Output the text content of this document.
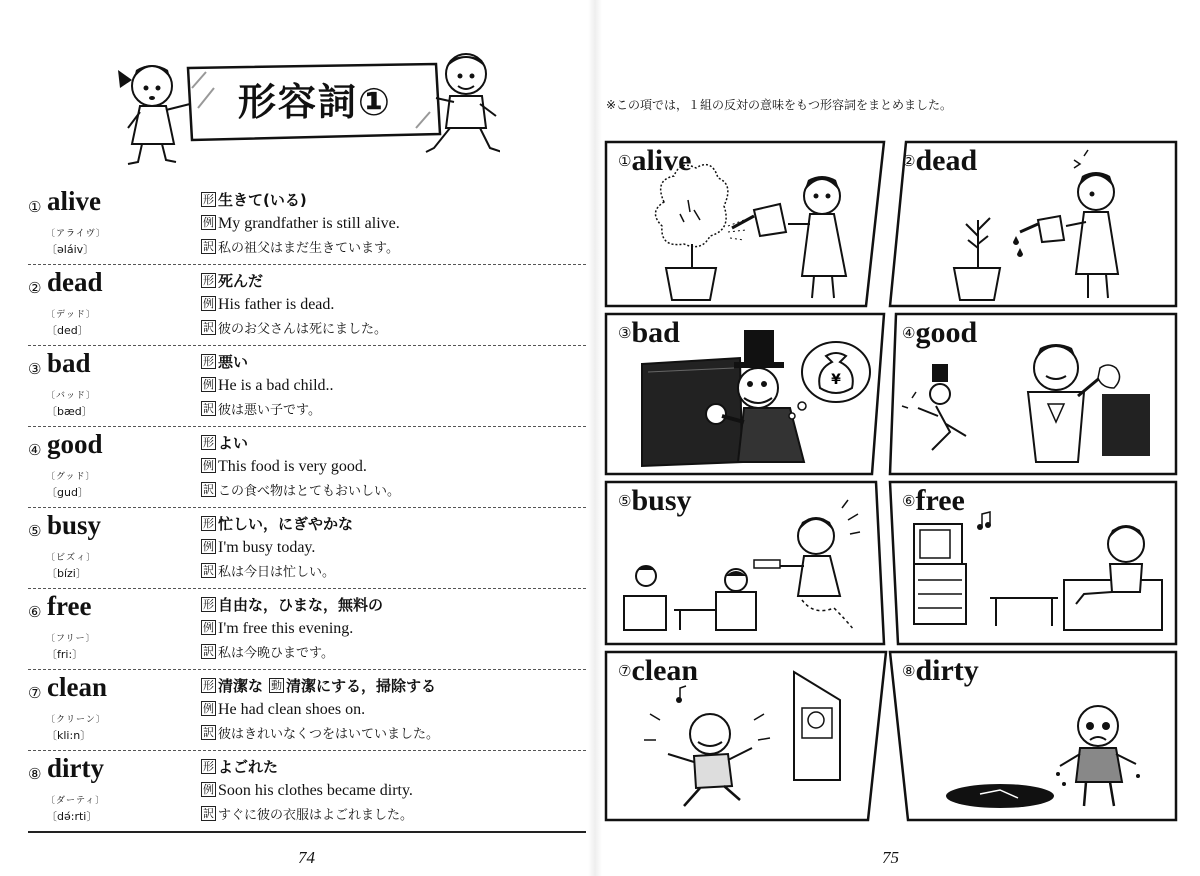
形容詞①
① alive
〔アライヴ〕
〔əláiv〕
形 生きて(いる)
例 My grandfather is still alive.
訳 私の祖父はまだ生きています。
② dead
〔デッド〕
〔ded〕
形 死んだ
例 His father is dead.
訳 彼のお父さんは死にました。
③ bad
〔バッド〕
〔bæd〕
形 悪い
例 He is a bad child..
訳 彼は悪い子です。
④ good
〔グッド〕
〔gud〕
形 よい
例 This food is very good.
訳 この食べ物はとてもおいしい。
⑤ busy
〔ビズィ〕
〔bízi〕
形 忙しい，にぎやかな
例 I'm busy today.
訳 私は今日は忙しい。
⑥ free
〔フリー〕
〔fri:〕
形 自由な，ひまな，無料の
例 I'm free this evening.
訳 私は今晩ひまです。
⑦ clean
〔クリーン〕
〔kli:n〕
形 清潔な 動 清潔にする，掃除する
例 He had clean shoes on.
訳 彼はきれいなくつをはいていました。
⑧ dirty
〔ダーティ〕
〔dǝ́:rti〕
形 よごれた
例 Soon his clothes became dirty.
訳 すぐに彼の衣服はよごれました。
74
※この項では，１組の反対の意味をもつ形容詞をまとめました。
①alive	②dead
¥
③bad	④good
⑤busy	⑥free
⑦clean	⑧dirty
75
